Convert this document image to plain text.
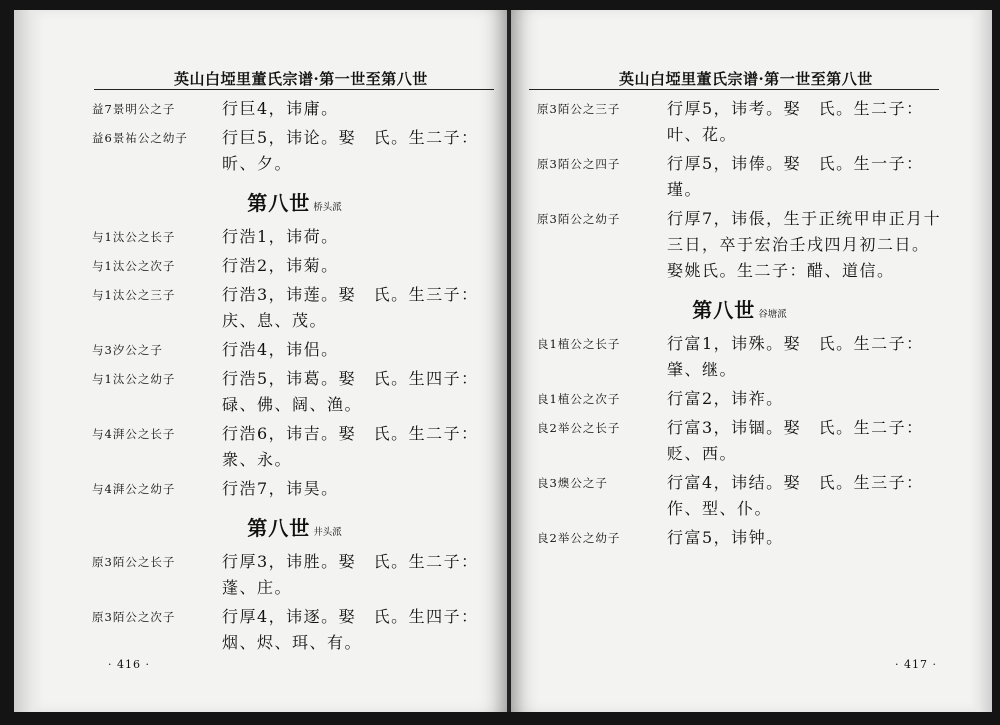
英山白埡里董氏宗谱·第一世至第八世
益7景明公之子	行巨4，讳庸。
益6景祐公之幼子	行巨5，讳论。娶　氏。生二子：昕、夕。
第八世 桥头派
与1汰公之长子	行浩1，讳荷。
与1汰公之次子	行浩2，讳菊。
与1汰公之三子	行浩3，讳莲。娶　氏。生三子：庆、息、茂。
与3汐公之子	行浩4，讳侣。
与1汰公之幼子	行浩5，讳葛。娶　氏。生四子：碌、佛、阔、渔。
与4湃公之长子	行浩6，讳吉。娶　氏。生二子：衆、永。
与4湃公之幼子	行浩7，讳昊。
第八世 井头派
原3陌公之长子	行厚3，讳胜。娶　氏。生二子：蓬、庄。
原3陌公之次子	行厚4，讳逐。娶　氏。生四子：烟、烬、珥、有。
· 416 ·
英山白埡里董氏宗谱·第一世至第八世
原3陌公之三子	行厚5，讳考。娶　氏。生二子：叶、花。
原3陌公之四子	行厚5，讳俸。娶　氏。生一子：瑾。
原3陌公之幼子	行厚7，讳倀，生于正统甲申正月十三日，卒于宏治壬戌四月初二日。娶姚氏。生二子：醋、道信。
第八世 谷塘派
良1植公之长子	行富1，讳殊。娶　氏。生二子：肇、继。
良1植公之次子	行富2，讳祚。
良2举公之长子	行富3，讳锢。娶　氏。生二子：贬、西。
良3燠公之子	行富4，讳结。娶　氏。生三子：作、型、仆。
良2举公之幼子	行富5，讳钟。
· 417 ·
